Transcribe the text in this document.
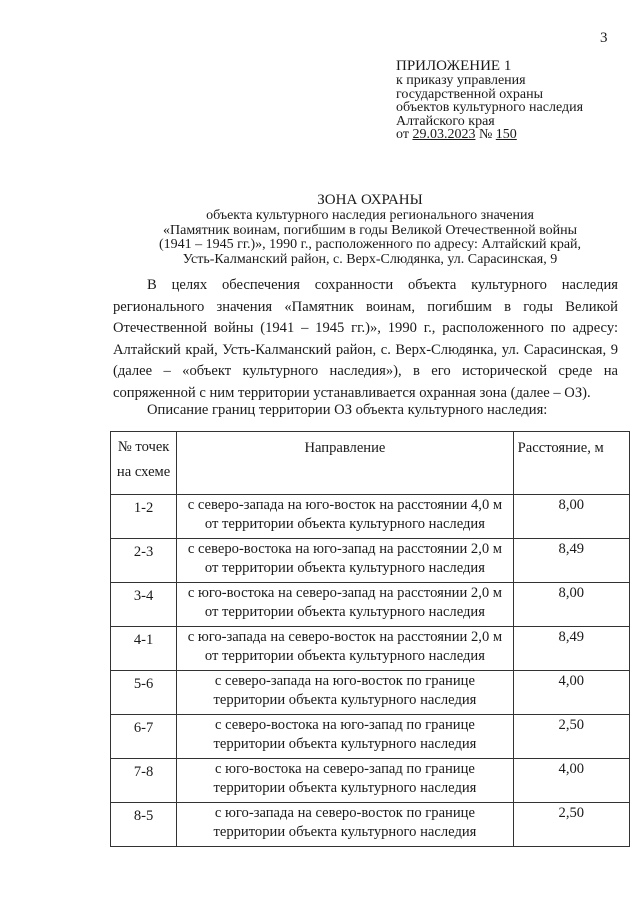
3
ПРИЛОЖЕНИЕ 1
к приказу управления
государственной охраны
объектов культурного наследия
Алтайского края
от 29.03.2023 № 150
ЗОНА ОХРАНЫ
объекта культурного наследия регионального значения
«Памятник воинам, погибшим в годы Великой Отечественной войны
(1941 – 1945 гг.)», 1990 г., расположенного по адресу: Алтайский край,
Усть-Калманский район, с. Верх-Слюдянка, ул. Сарасинская, 9
В целях обеспечения сохранности объекта культурного наследия регионального значения «Памятник воинам, погибшим в годы Великой Отечественной войны (1941 – 1945 гг.)», 1990 г., расположенного по адресу: Алтайский край, Усть-Калманский район, с. Верх-Слюдянка, ул. Сарасинская, 9 (далее – «объект культурного наследия»), в его исторической среде на сопряженной с ним территории устанавливается охранная зона (далее – ОЗ).
Описание границ территории ОЗ объекта культурного наследия:
№ точек на схеме	Направление	Расстояние, м
1-2	с северо-запада на юго-восток на расстоянии 4,0 м
от территории объекта культурного наследия	8,00
2-3	с северо-востока на юго-запад на расстоянии 2,0 м
от территории объекта культурного наследия	8,49
3-4	с юго-востока на северо-запад на расстоянии 2,0 м
от территории объекта культурного наследия	8,00
4-1	с юго-запада на северо-восток на расстоянии 2,0 м
от территории объекта культурного наследия	8,49
5-6	с северо-запада на юго-восток по границе
территории объекта культурного наследия	4,00
6-7	с северо-востока на юго-запад по границе
территории объекта культурного наследия	2,50
7-8	с юго-востока на северо-запад по границе
территории объекта культурного наследия	4,00
8-5	с юго-запада на северо-восток по границе
территории объекта культурного наследия	2,50
